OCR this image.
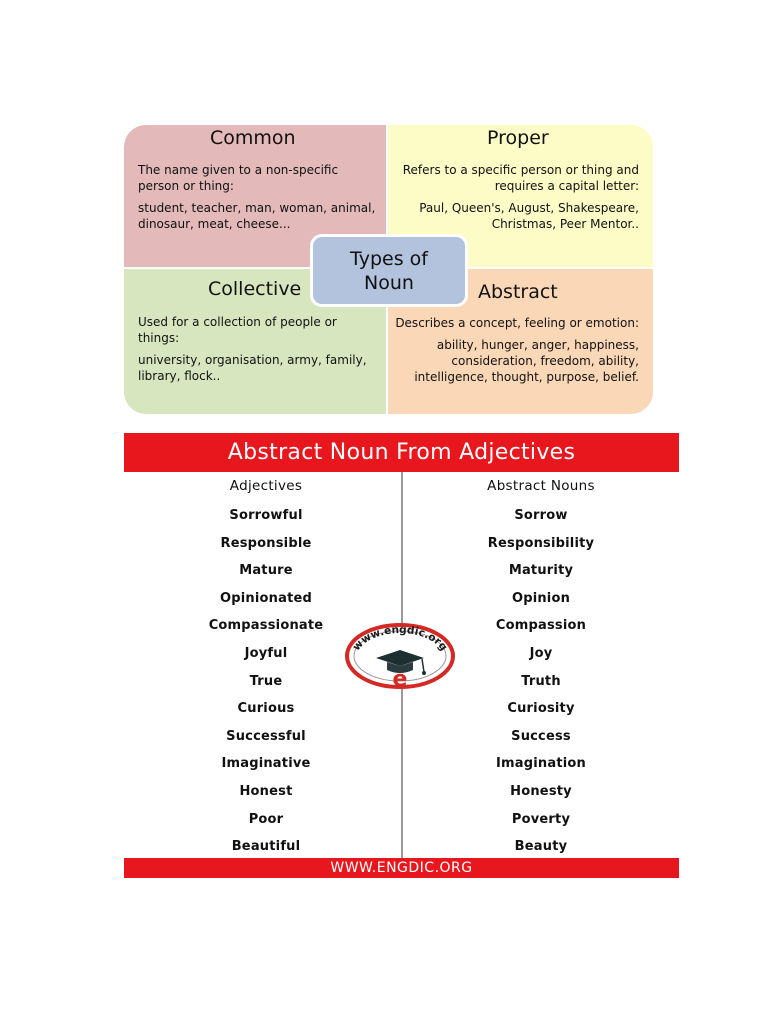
Common

The name given to a non-specific person or thing:

student, teacher, man, woman, animal, dinosaur, meat, cheese...

Proper

Refers to a specific person or thing and requires a capital letter:

Paul, Queen's, August, Shakespeare, Christmas, Peer Mentor..

Collective

Used for a collection of people or things:

university, organisation, army, family, library, flock..

Abstract

Describes a concept, feeling or emotion:

ability, hunger, anger, happiness, consideration, freedom, ability, intelligence, thought, purpose, belief.

Types of
Noun
Abstract Noun From Adjectives
Adjectives
Sorrowful
Responsible
Mature
Opinionated
Compassionate
Joyful
True
Curious
Successful
Imaginative
Honest
Poor
Beautiful
Abstract Nouns
Sorrow
Responsibility
Maturity
Opinion
Compassion
Joy
Truth
Curiosity
Success
Imagination
Honesty
Poverty
Beauty
www.engdic.org
e
WWW.ENGDIC.ORG
